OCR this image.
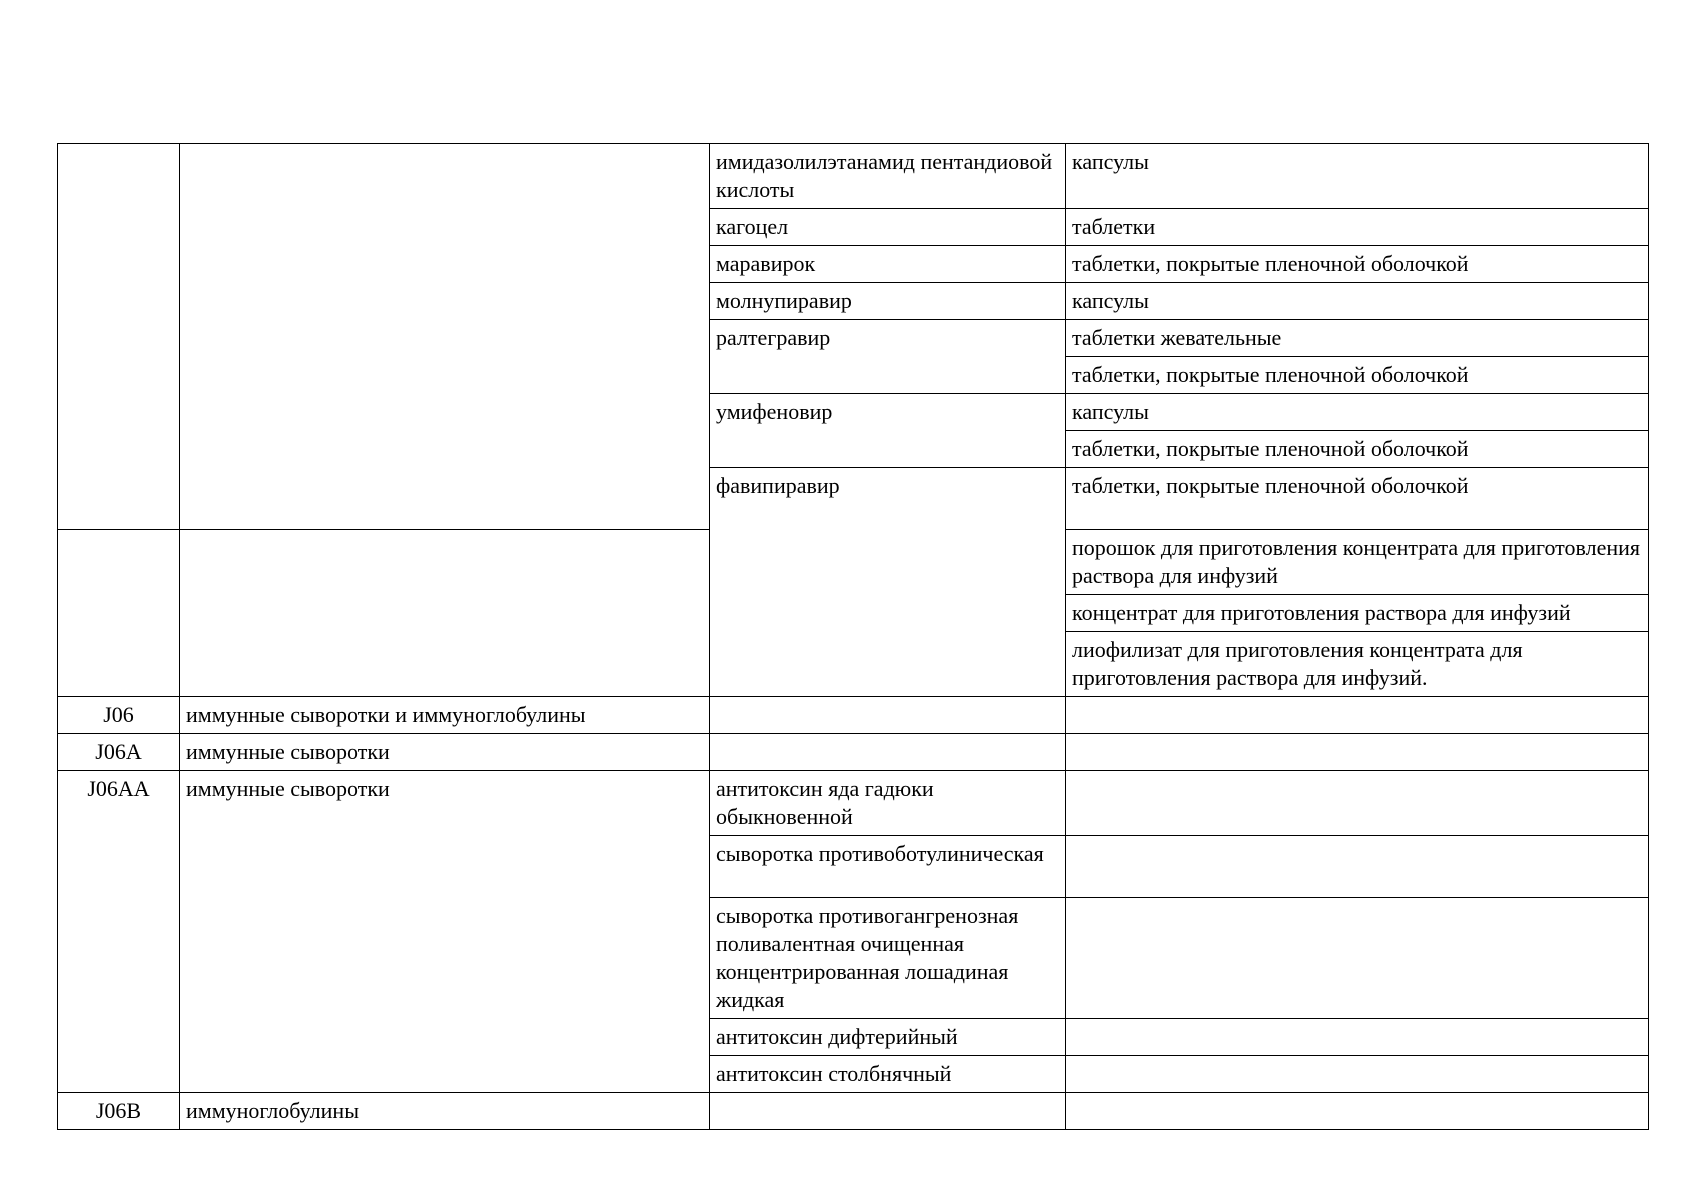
		имидазолилэтанамид пентандиовой кислоты	капсулы
		кагоцел	таблетки
		маравирок	таблетки, покрытые пленочной оболочкой
		молнупиравир	капсулы
		ралтегравир	таблетки жевательные
			таблетки, покрытые пленочной оболочкой
		умифеновир	капсулы
			таблетки, покрытые пленочной оболочкой
		фавипиравир	таблетки, покрытые пленочной оболочкой
			порошок для приготовления концентрата для приготовления раствора для инфузий
			концентрат для приготовления раствора для инфузий
			лиофилизат для приготовления концентрата для приготовления раствора для инфузий.
J06	иммунные сыворотки и иммуноглобулины		
J06A	иммунные сыворотки		
J06AA	иммунные сыворотки	антитоксин яда гадюки обыкновенной	
		сыворотка противоботулиническая	
		сыворотка противогангренозная поливалентная очищенная концентрированная лошадиная жидкая	
		антитоксин дифтерийный	
		антитоксин столбнячный	
J06B	иммуноглобулины		
